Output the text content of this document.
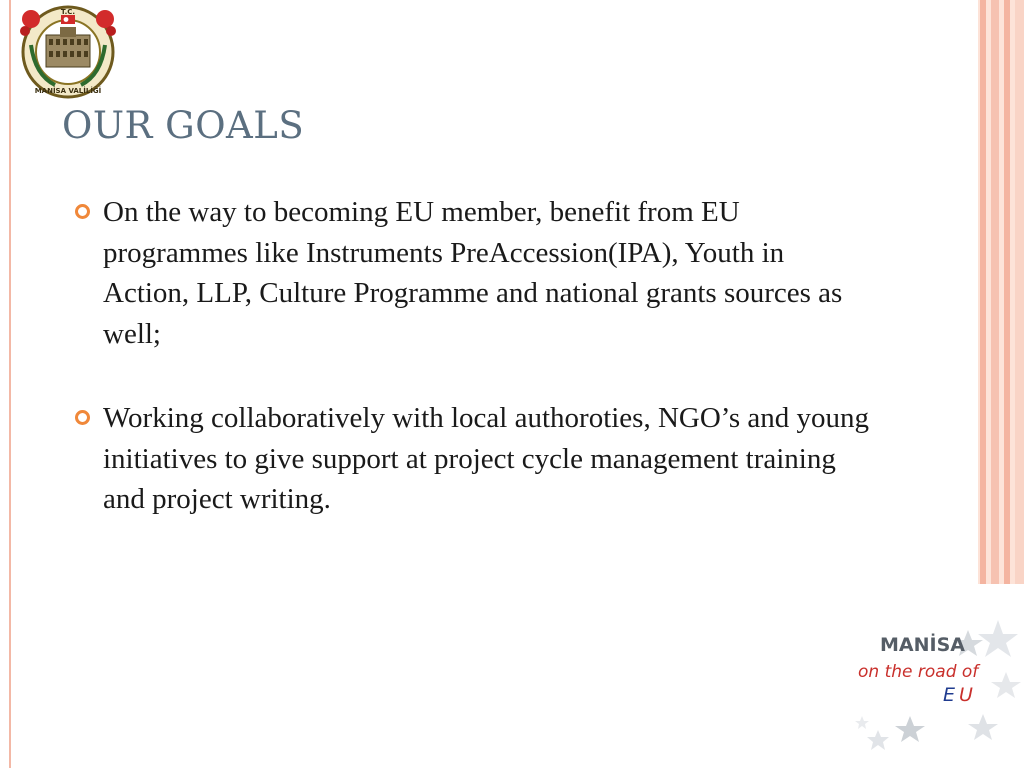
T.C.
MANİSA VALİLİĞİ
OUR GOALS
On the way to becoming EU member, benefit from EU programmes like Instruments PreAccession(IPA), Youth in Action, LLP, Culture Programme and national grants sources as well;
Working collaboratively with local authoroties, NGO’s and young initiatives to give support at project cycle management training and project writing.
MANİSA
on the road of
E U
